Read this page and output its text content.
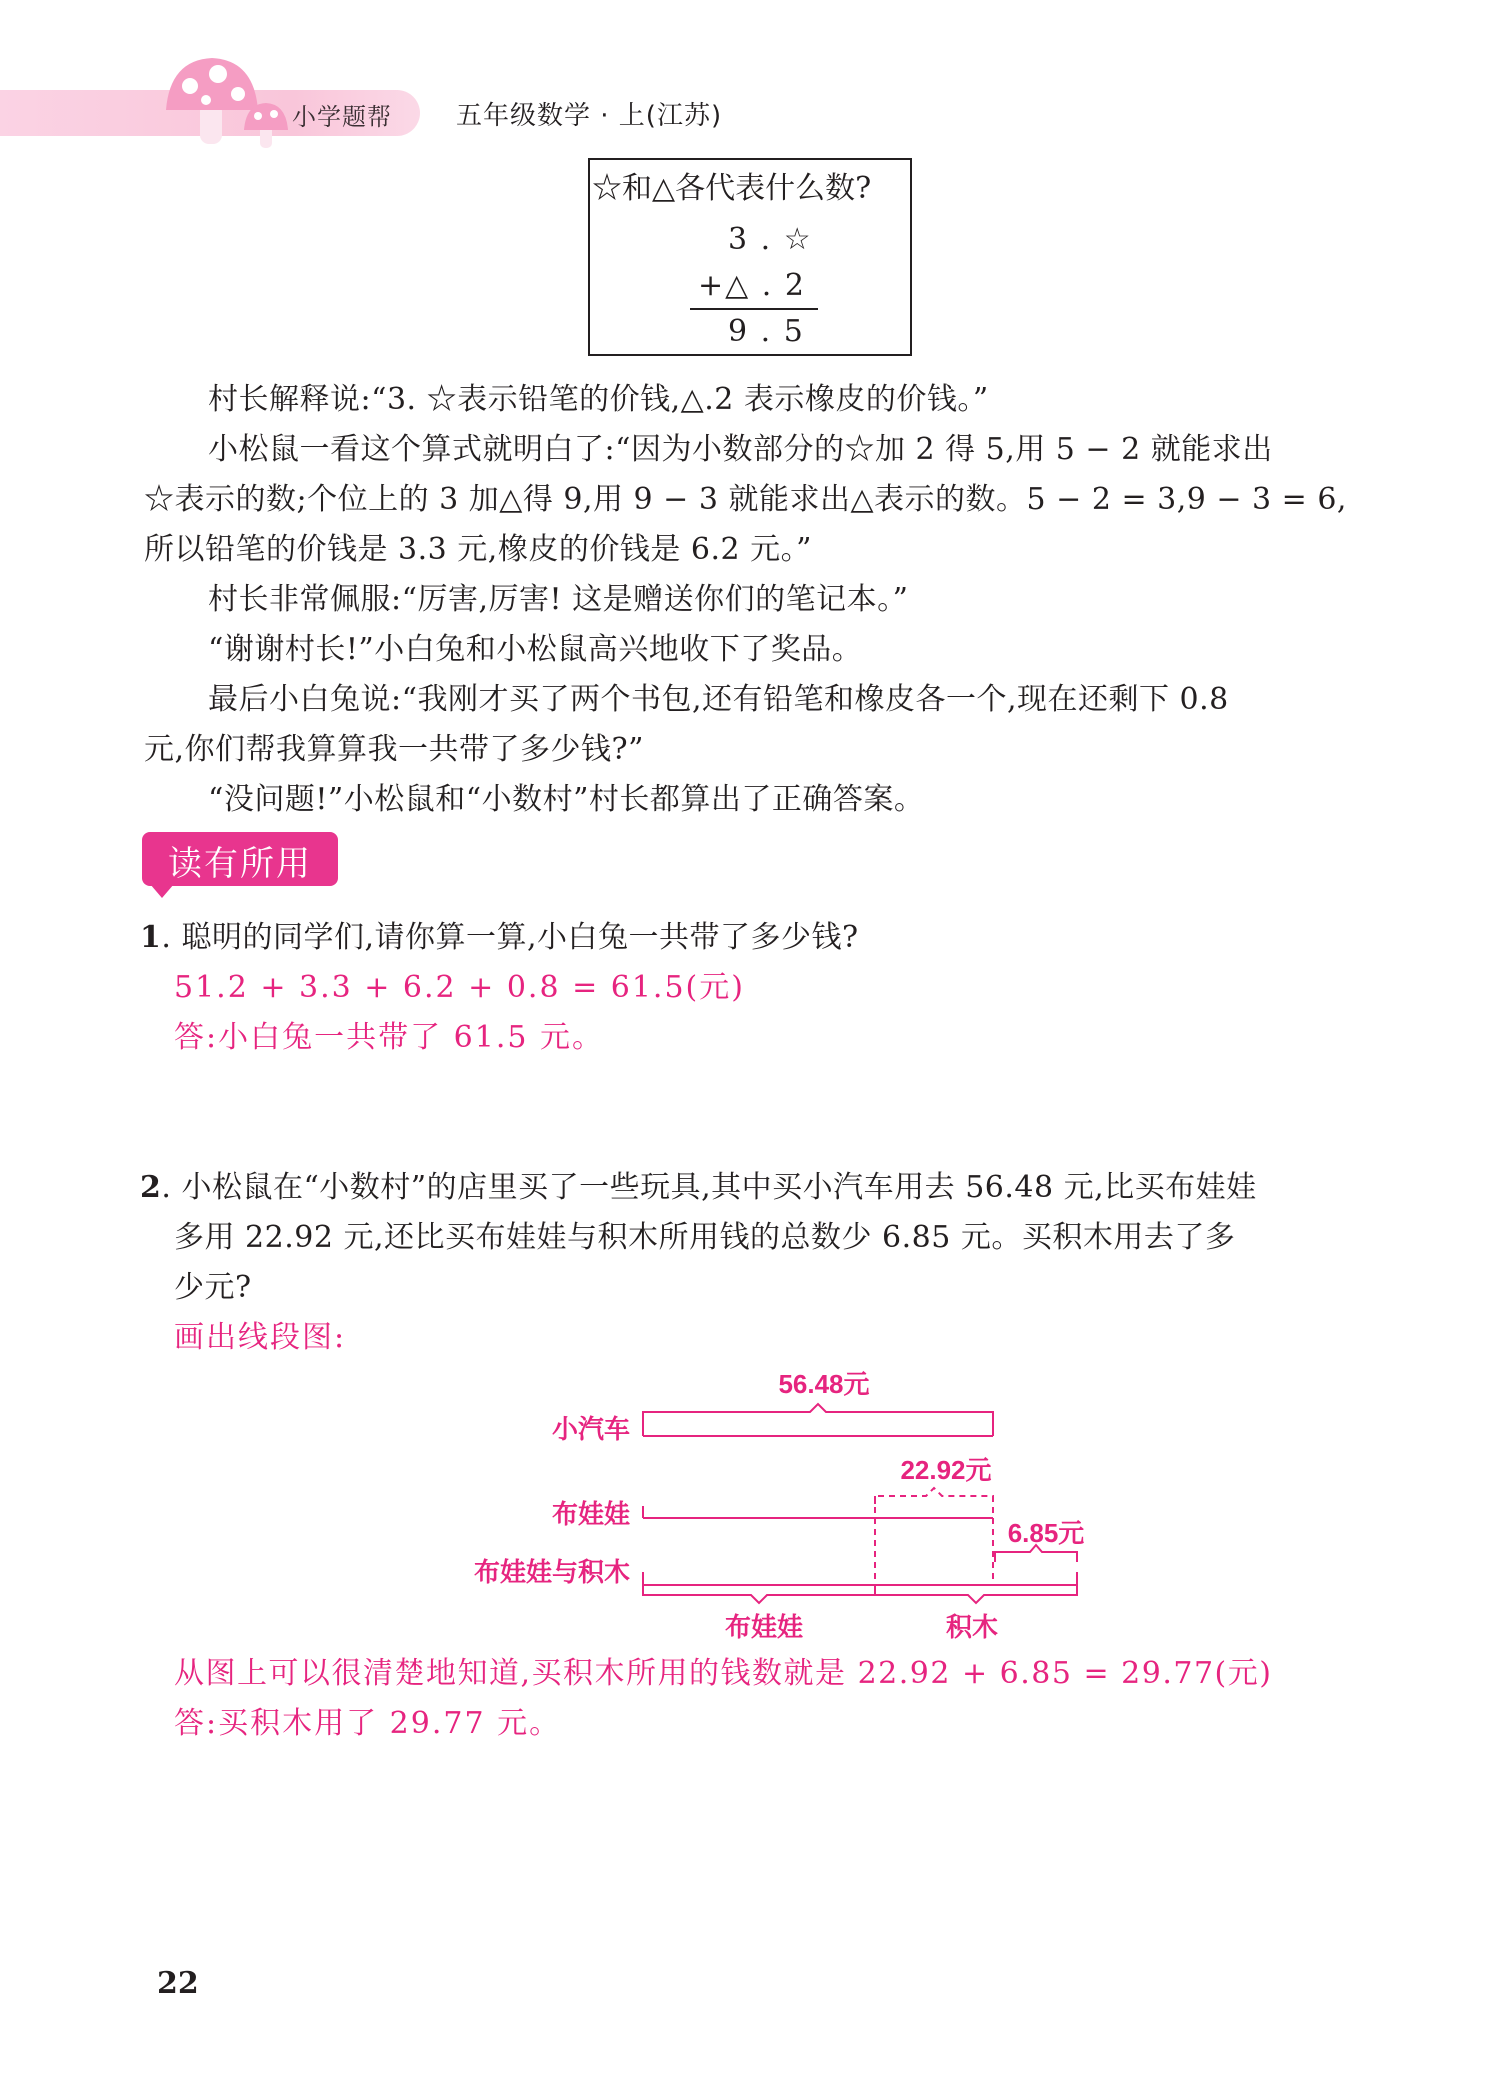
小学题帮 五年级数学 · 上(江苏)
☆和△各代表什么数?
3 . ☆
+△ . 2
9 . 5
村长解释说:“3. ☆表示铅笔的价钱,△.2 表示橡皮的价钱。”
小松鼠一看这个算式就明白了:“因为小数部分的☆加 2 得 5,用 5 − 2 就能求出
☆表示的数;个位上的 3 加△得 9,用 9 − 3 就能求出△表示的数。5 − 2 = 3,9 − 3 = 6,
所以铅笔的价钱是 3.3 元,橡皮的价钱是 6.2 元。”
村长非常佩服:“厉害,厉害! 这是赠送你们的笔记本。”
“谢谢村长!”小白兔和小松鼠高兴地收下了奖品。
最后小白兔说:“我刚才买了两个书包,还有铅笔和橡皮各一个,现在还剩下 0.8
元,你们帮我算算我一共带了多少钱?”
“没问题!”小松鼠和“小数村”村长都算出了正确答案。
读有所用
1. 聪明的同学们,请你算一算,小白兔一共带了多少钱?
51.2 + 3.3 + 6.2 + 0.8 = 61.5(元)
答:小白兔一共带了 61.5 元。
2. 小松鼠在“小数村”的店里买了一些玩具,其中买小汽车用去 56.48 元,比买布娃娃
多用 22.92 元,还比买布娃娃与积木所用钱的总数少 6.85 元。买积木用去了多
少元?
画出线段图:
56.48元
小汽车
22.92元
布娃娃
6.85元
布娃娃与积木
布娃娃	积木
从图上可以很清楚地知道,买积木所用的钱数就是 22.92 + 6.85 = 29.77(元)
答:买积木用了 29.77 元。
22
